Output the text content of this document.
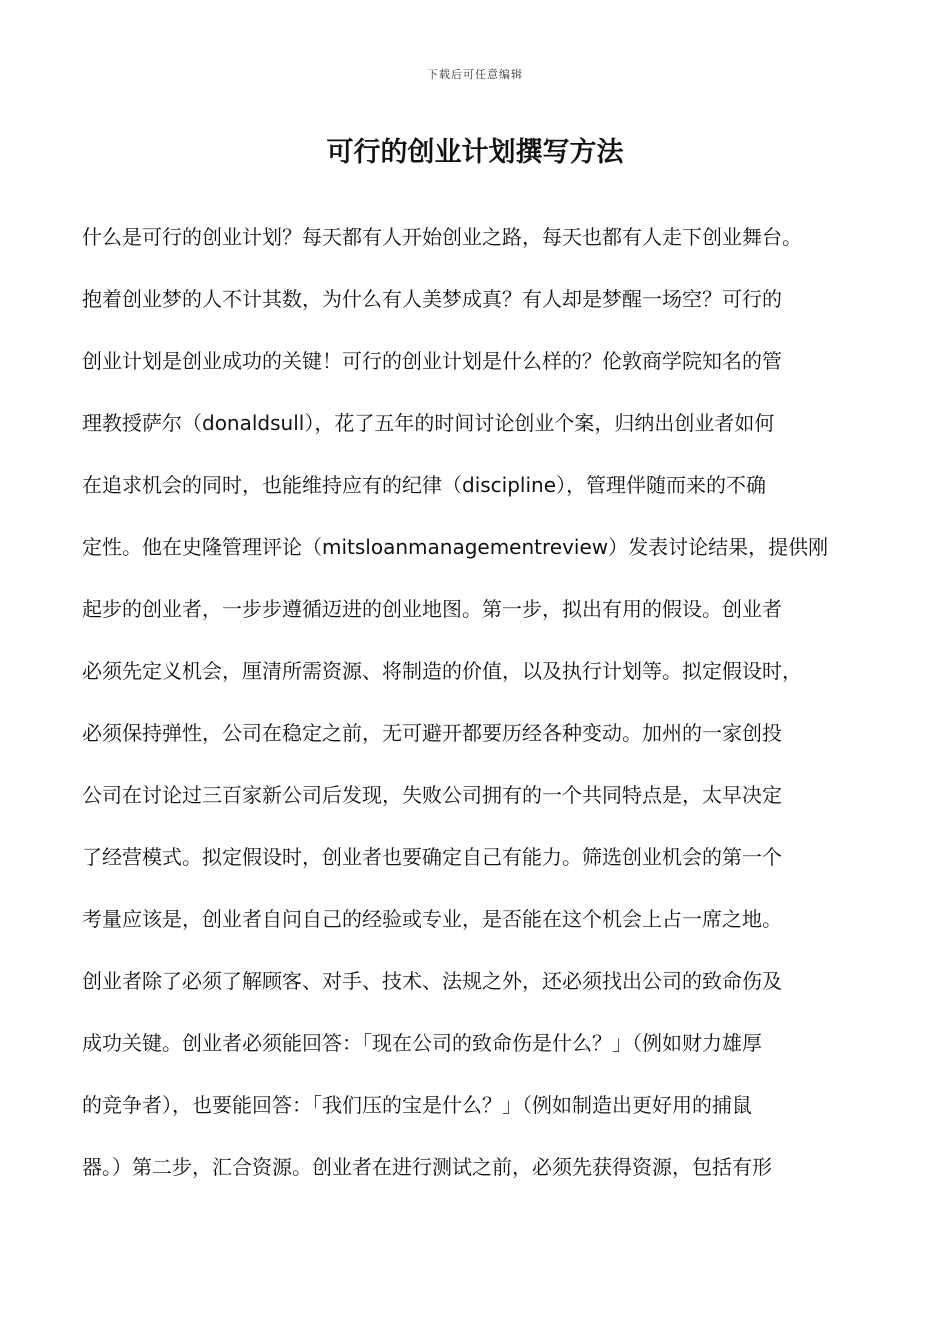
下载后可任意编辑
可行的创业计划撰写方法
什么是可行的创业计划？每天都有人开始创业之路，每天也都有人走下创业舞台。
抱着创业梦的人不计其数，为什么有人美梦成真？有人却是梦醒一场空？可行的
创业计划是创业成功的关键！可行的创业计划是什么样的？伦敦商学院知名的管
理教授萨尔（donaldsull），花了五年的时间讨论创业个案，归纳出创业者如何
在追求机会的同时，也能维持应有的纪律（discipline），管理伴随而来的不确
定性。他在史隆管理评论（mitsloanmanagementreview）发表讨论结果，提供刚
起步的创业者，一步步遵循迈进的创业地图。第一步，拟出有用的假设。创业者
必须先定义机会，厘清所需资源、将制造的价值，以及执行计划等。拟定假设时，
必须保持弹性，公司在稳定之前，无可避开都要历经各种变动。加州的一家创投
公司在讨论过三百家新公司后发现，失败公司拥有的一个共同特点是，太早决定
了经营模式。拟定假设时，创业者也要确定自己有能力。筛选创业机会的第一个
考量应该是，创业者自问自己的经验或专业，是否能在这个机会上占一席之地。
创业者除了必须了解顾客、对手、技术、法规之外，还必须找出公司的致命伤及
成功关键。创业者必须能回答：「现在公司的致命伤是什么？」（例如财力雄厚
的竞争者），也要能回答：「我们压的宝是什么？」（例如制造出更好用的捕鼠
器。）第二步，汇合资源。创业者在进行测试之前，必须先获得资源，包括有形
